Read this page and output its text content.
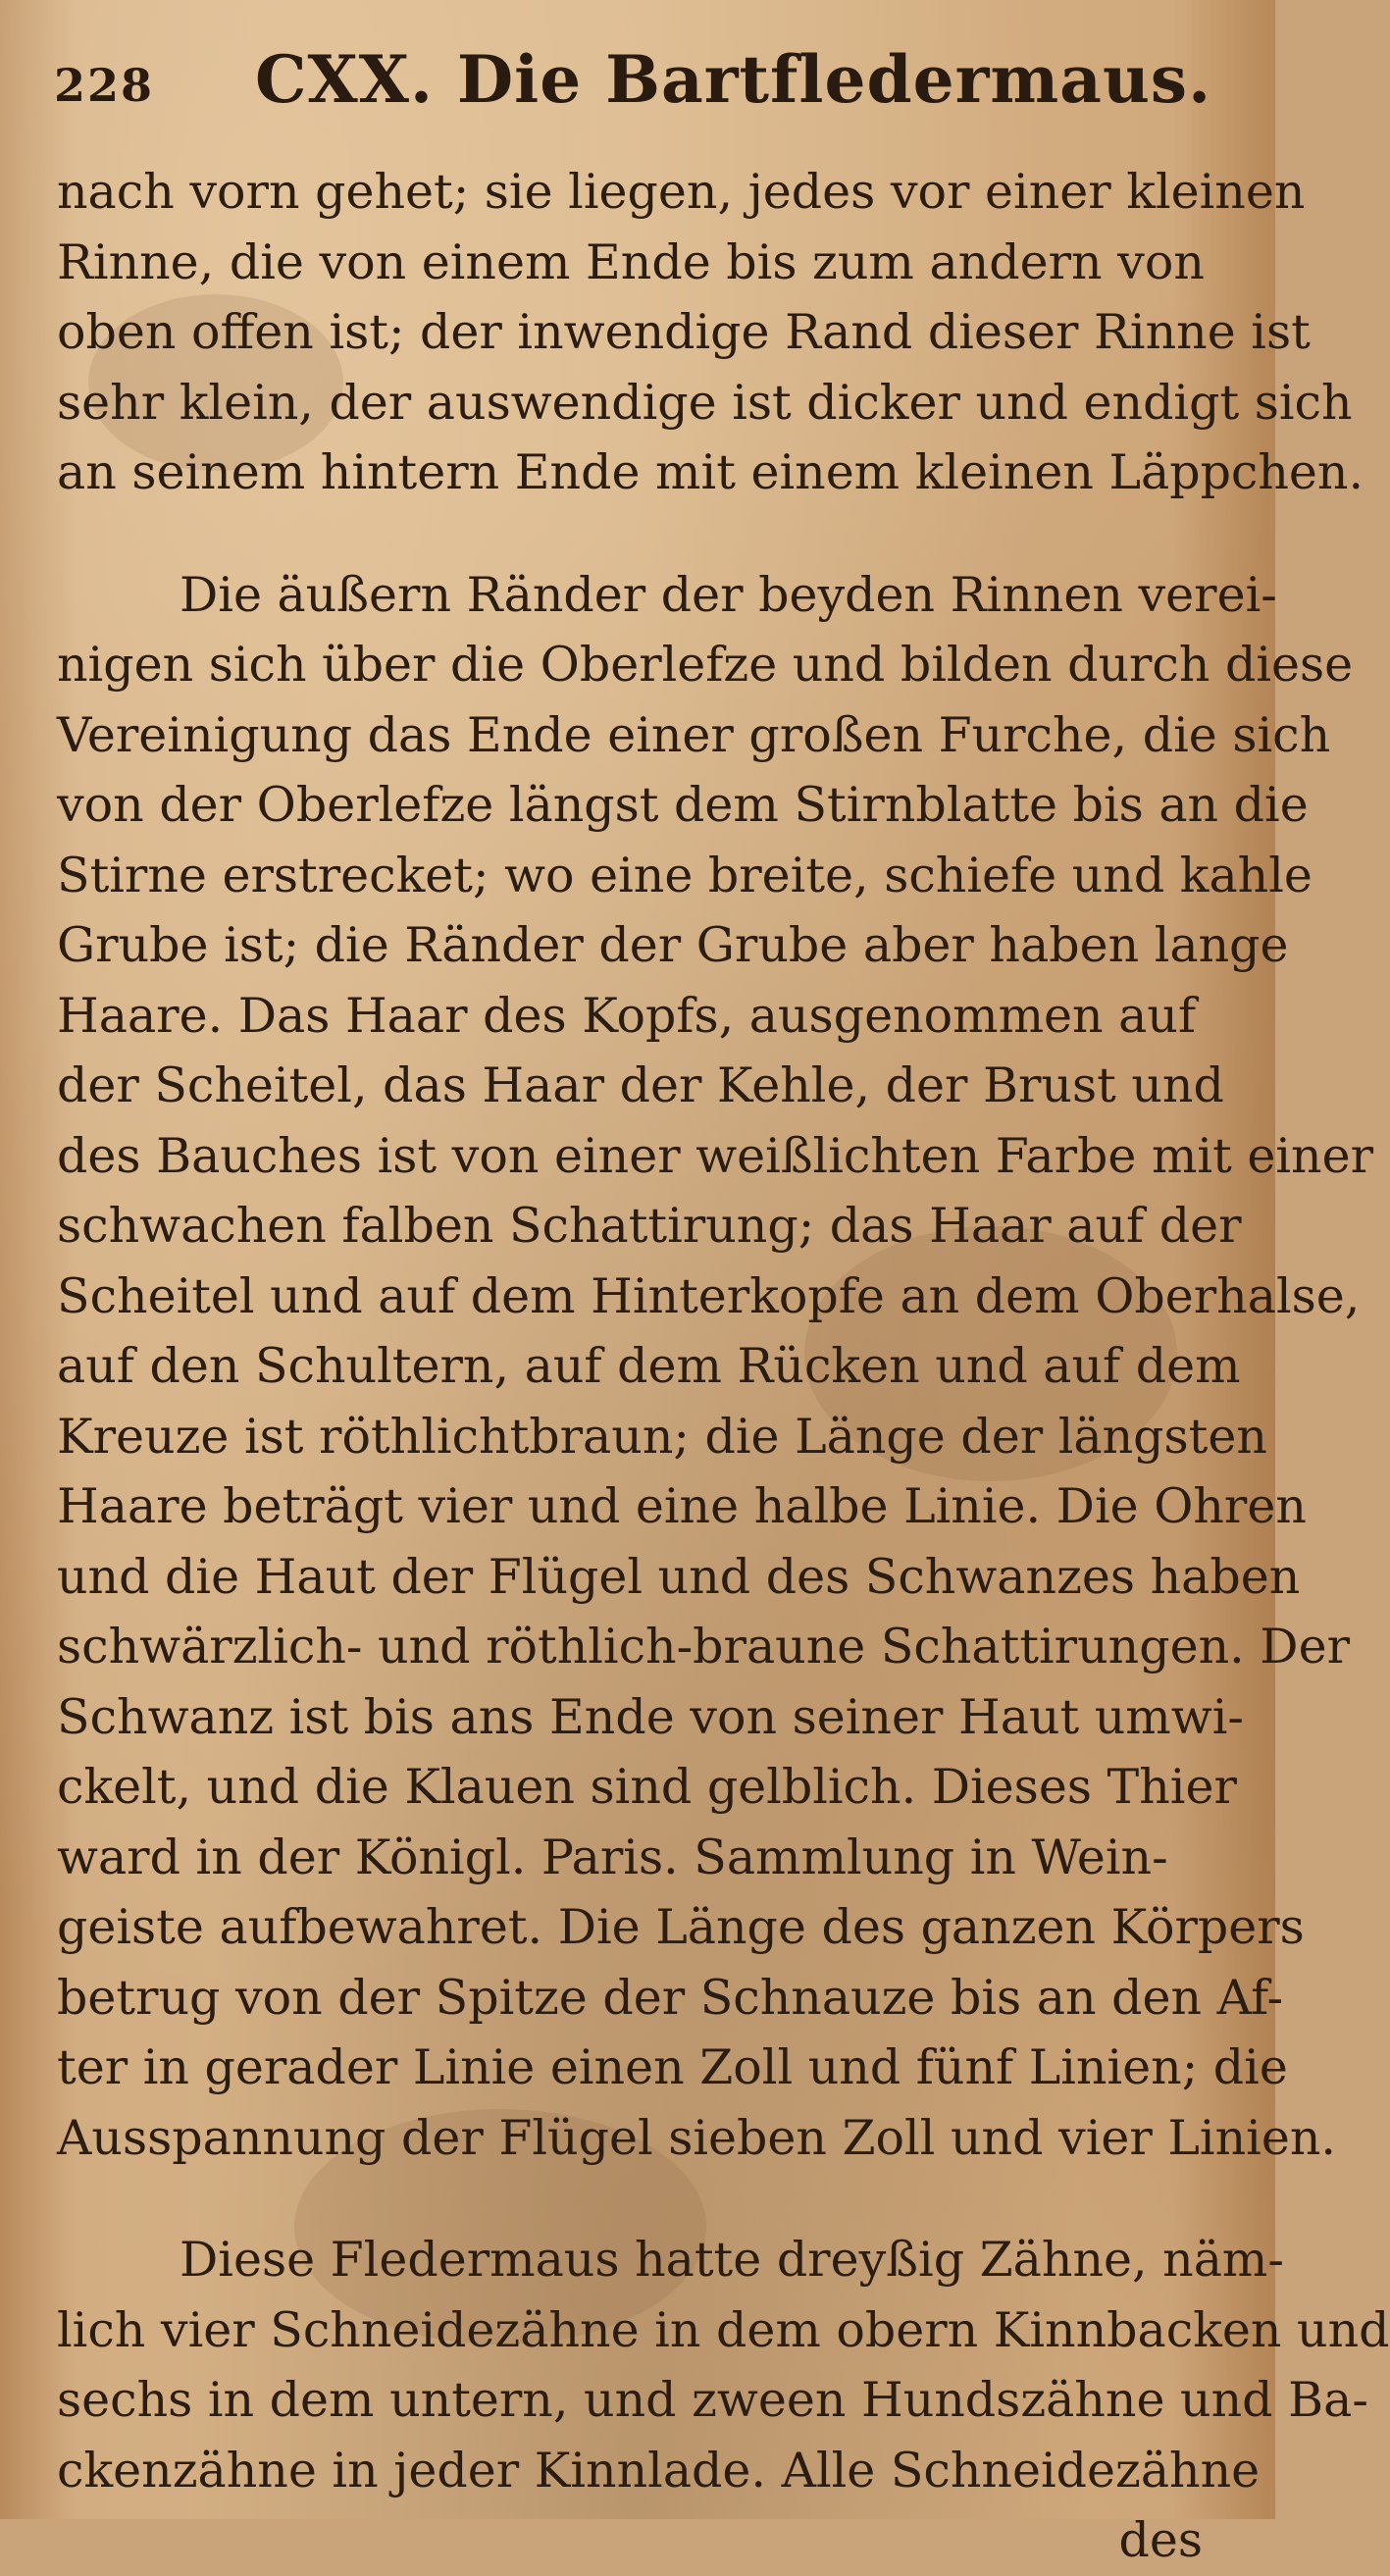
228 CXX. Die Bartfledermaus.
nach vorn gehet; sie liegen, jedes vor einer kleinen
Rinne, die von einem Ende bis zum andern von
oben offen ist; der inwendige Rand dieser Rinne ist
sehr klein, der auswendige ist dicker und endigt sich
an seinem hintern Ende mit einem kleinen Läppchen.
Die äußern Ränder der beyden Rinnen verei-
nigen sich über die Oberlefze und bilden durch diese
Vereinigung das Ende einer großen Furche, die sich
von der Oberlefze längst dem Stirnblatte bis an die
Stirne erstrecket; wo eine breite, schiefe und kahle
Grube ist; die Ränder der Grube aber haben lange
Haare. Das Haar des Kopfs, ausgenommen auf
der Scheitel, das Haar der Kehle, der Brust und
des Bauches ist von einer weißlichten Farbe mit einer
schwachen falben Schattirung; das Haar auf der
Scheitel und auf dem Hinterkopfe an dem Oberhalse,
auf den Schultern, auf dem Rücken und auf dem
Kreuze ist röthlichtbraun; die Länge der längsten
Haare beträgt vier und eine halbe Linie. Die Ohren
und die Haut der Flügel und des Schwanzes haben
schwärzlich- und röthlich-braune Schattirungen. Der
Schwanz ist bis ans Ende von seiner Haut umwi-
ckelt, und die Klauen sind gelblich. Dieses Thier
ward in der Königl. Paris. Sammlung in Wein-
geiste aufbewahret. Die Länge des ganzen Körpers
betrug von der Spitze der Schnauze bis an den Af-
ter in gerader Linie einen Zoll und fünf Linien; die
Ausspannung der Flügel sieben Zoll und vier Linien.
Diese Fledermaus hatte dreyßig Zähne, näm-
lich vier Schneidezähne in dem obern Kinnbacken und
sechs in dem untern, und zween Hundszähne und Ba-
ckenzähne in jeder Kinnlade. Alle Schneidezähne
des
